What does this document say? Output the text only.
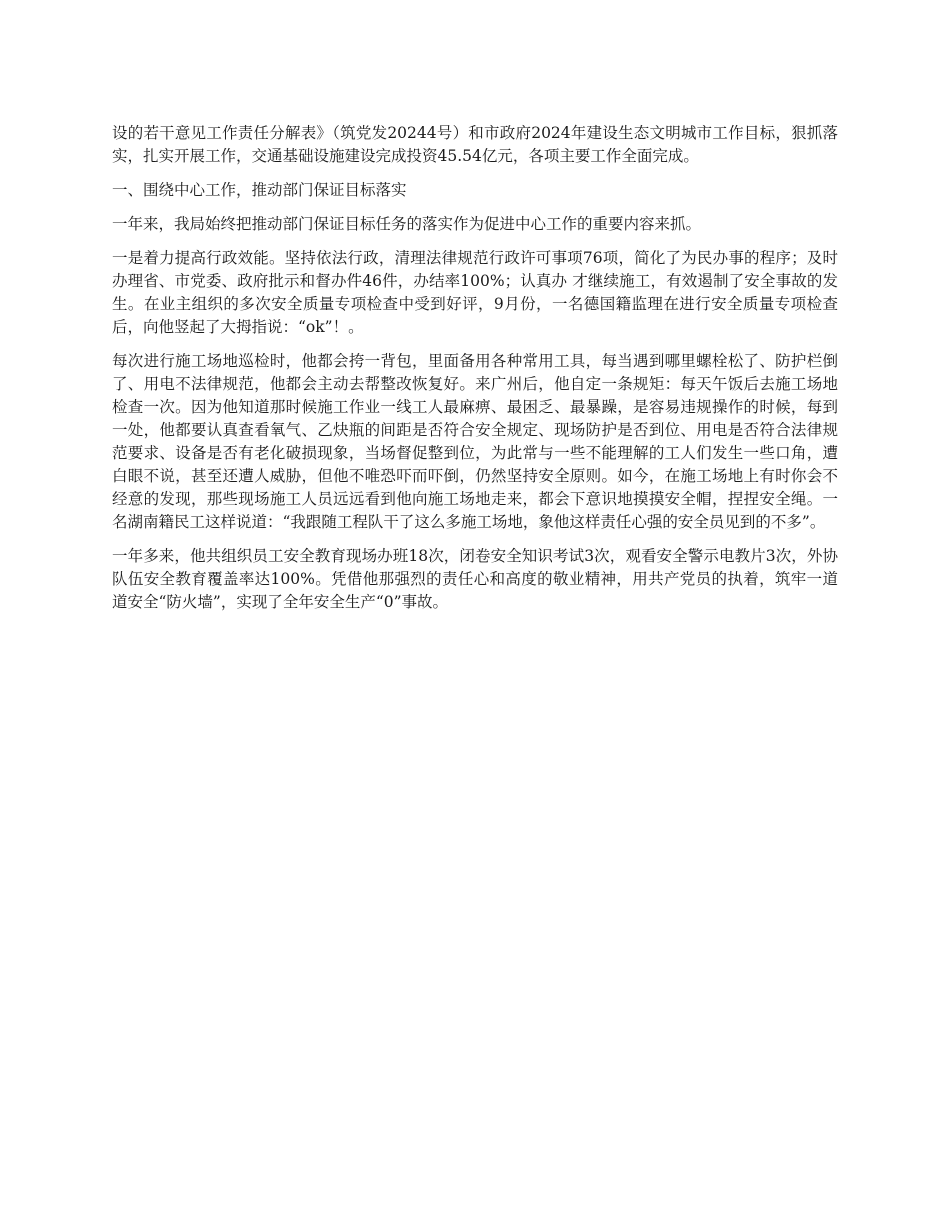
设的若干意见工作责任分解表》（筑党发20244号）和市政府2024年建设生态文明城市工作目标，狠抓落实，扎实开展工作，交通基础设施建设完成投资45.54亿元，各项主要工作全面完成。

一、围绕中心工作，推动部门保证目标落实

一年来，我局始终把推动部门保证目标任务的落实作为促进中心工作的重要内容来抓。

一是着力提高行政效能。坚持依法行政，清理法律规范行政许可事项76项，简化了为民办事的程序；及时办理省、市党委、政府批示和督办件46件，办结率100%；认真办 才继续施工，有效遏制了安全事故的发生。在业主组织的多次安全质量专项检查中受到好评，9月份，一名德国籍监理在进行安全质量专项检查后，向他竖起了大拇指说：“ok”！。

每次进行施工场地巡检时，他都会挎一背包，里面备用各种常用工具，每当遇到哪里螺栓松了、防护栏倒了、用电不法律规范，他都会主动去帮整改恢复好。来广州后，他自定一条规矩：每天午饭后去施工场地检查一次。因为他知道那时候施工作业一线工人最麻痹、最困乏、最暴躁，是容易违规操作的时候，每到一处，他都要认真查看氧气、乙炔瓶的间距是否符合安全规定、现场防护是否到位、用电是否符合法律规范要求、设备是否有老化破损现象，当场督促整到位，为此常与一些不能理解的工人们发生一些口角，遭白眼不说，甚至还遭人威胁，但他不唯恐吓而吓倒，仍然坚持安全原则。如今，在施工场地上有时你会不经意的发现，那些现场施工人员远远看到他向施工场地走来，都会下意识地摸摸安全帽，捏捏安全绳。一名湖南籍民工这样说道：“我跟随工程队干了这么多施工场地，象他这样责任心强的安全员见到的不多”。

一年多来，他共组织员工安全教育现场办班18次，闭卷安全知识考试3次，观看安全警示电教片3次，外协队伍安全教育覆盖率达100%。凭借他那强烈的责任心和高度的敬业精神，用共产党员的执着，筑牢一道道安全“防火墙”，实现了全年安全生产“0”事故。
